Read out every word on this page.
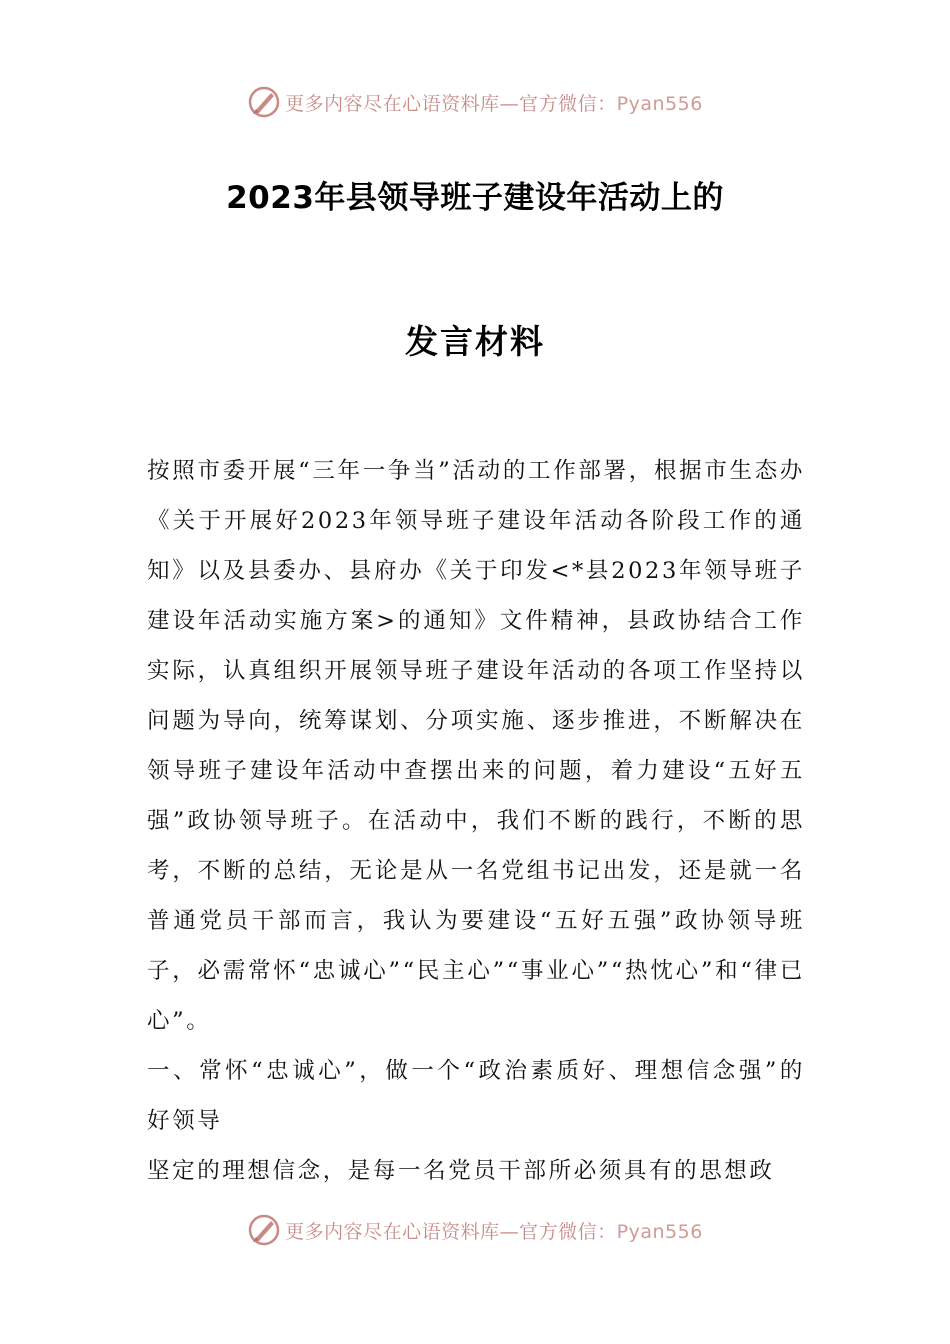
更多内容尽在心语资料库—官方微信：Pyan556
2023年县领导班子建设年活动上的
发言材料

按照市委开展“三年一争当”活动的工作部署，根据市生态办《关于开展好2023年领导班子建设年活动各阶段工作的通知》以及县委办、县府办《关于印发<*县2023年领导班子建设年活动实施方案>的通知》文件精神，县政协结合工作实际，认真组织开展领导班子建设年活动的各项工作坚持以问题为导向，统筹谋划、分项实施、逐步推进，不断解决在领导班子建设年活动中查摆出来的问题，着力建设“五好五强”政协领导班子。在活动中，我们不断的践行，不断的思考，不断的总结，无论是从一名党组书记出发，还是就一名普通党员干部而言，我认为要建设“五好五强”政协领导班子，必需常怀“忠诚心”“民主心”“事业心”“热忱心”和“律已心”。

一、常怀“忠诚心”，做一个“政治素质好、理想信念强”的好领导

坚定的理想信念，是每一名党员干部所必须具有的思想政

更多内容尽在心语资料库—官方微信：Pyan556
